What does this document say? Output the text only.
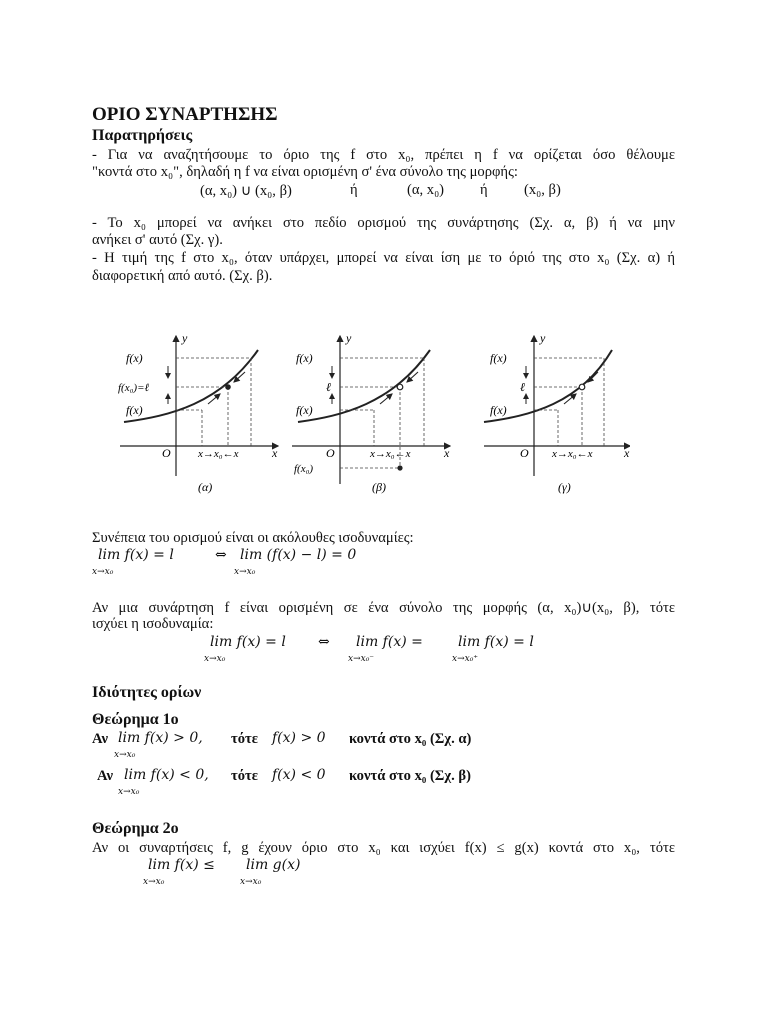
ΟΡΙΟ ΣΥΝΑΡΤΗΣΗΣ
Παρατηρήσεις
- Για να αναζητήσουμε το όριο της f στο x₀, πρέπει η f να ορίζεται όσο θέλουμε
"κοντά στο x₀", δηλαδή η f να είναι ορισμένη σ' ένα σύνολο της μορφής:
(α, x₀) ∪ (x₀, β)	ή	(α, x₀) ή (x₀, β)
- Το x₀ μπορεί να ανήκει στο πεδίο ορισμού της συνάρτησης (Σχ. α, β) ή να μην
ανήκει σ' αυτό (Σχ. γ).
- Η τιμή της f στο x₀, όταν υπάρχει, μπορεί να είναι ίση με το όριό της στο x₀ (Σχ. α) ή
διαφορετική από αυτό. (Σχ. β).
f(x)
f(x₀)=ℓ
f(x)
O x→x₀←x	x
y
(α)
f(x)
ℓ
f(x)
f(x₀)
O	x→x₀←x	x
y
(β)
f(x)
ℓ
f(x)
O x→x₀←x	x
y
(γ)
Συνέπεια του ορισμού είναι οι ακόλουθες ισοδυναμίες:
lim f(x) = l
x→x₀
⇔ lim (f(x) − l) = 0
x→x₀
Αν μια συνάρτηση f είναι ορισμένη σε ένα σύνολο της μορφής (α, x₀)∪(x₀, β), τότε
ισχύει η ισοδυναμία:
lim f(x) = l
x→x₀
⇔ lim f(x) =
x→x₀⁻
lim f(x) = l
x→x₀⁺
Ιδιότητες ορίων
Θεώρημα 1ο
Αν lim f(x) > 0,
x→x₀
τότε f(x) > 0 κοντά στο x₀ (Σχ. α)
Αν lim f(x) < 0,
x→x₀
τότε f(x) < 0 κοντά στο x₀ (Σχ. β)
Θεώρημα 2ο
Αν οι συναρτήσεις f, g έχουν όριο στο x₀ και ισχύει f(x) ≤ g(x) κοντά στο x₀, τότε
lim f(x) ≤
x→x₀
lim g(x)
x→x₀
